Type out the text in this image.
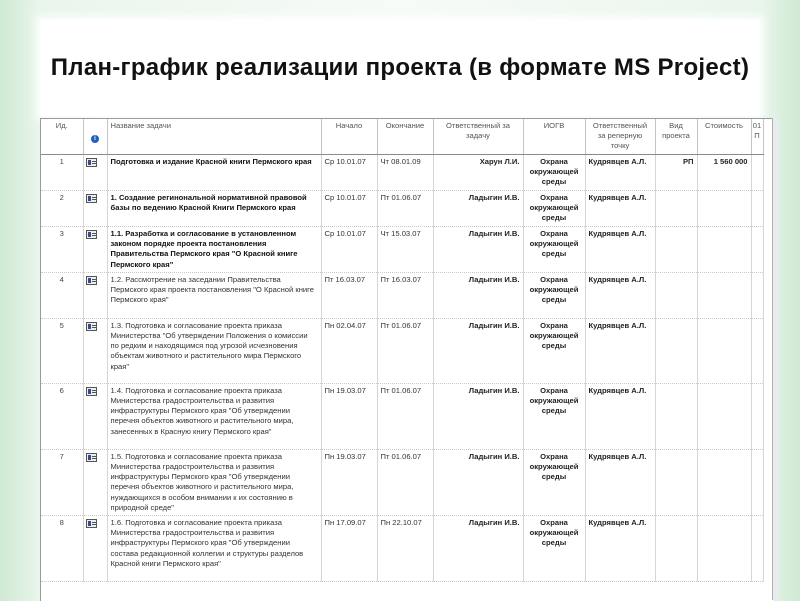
План-график реализации проекта (в формате MS Project)
Ид.	i	Название задачи	Начало	Окончание	Ответственный за задачу	ИОГВ	Ответственный за реперную точку	Вид проекта	Стоимость	01 П
1		Подготовка и издание Красной книги Пермского края	Ср 10.01.07	Чт 08.01.09	Харун Л.И.	Охрана окружающей среды	Кудрявцев А.Л.	РП	1 560 000	
2		1. Создание регинональной нормативной правовой базы по ведению Красной Книги Пермского края	Ср 10.01.07	Пт 01.06.07	Ладыгин И.В.	Охрана окружающей среды	Кудрявцев А.Л.			
3		1.1. Разработка и согласование в установленном законом порядке проекта постановления Правительства Пермского края "О Красной книге Пермского края"	Ср 10.01.07	Чт 15.03.07	Ладыгин И.В.	Охрана окружающей среды	Кудрявцев А.Л.			
4		1.2. Рассмотрение на заседании Правительства Пермского края проекта постановления "О Красной книге Пермского края"	Пт 16.03.07	Пт 16.03.07	Ладыгин И.В.	Охрана окружающей среды	Кудрявцев А.Л.			
5		1.3. Подготовка и согласование проекта приказа Министерства "Об утверждении Положения о комиссии по редким и находящимся под угрозой исчезновения объектам животного и растительного мира Пермского края"	Пн 02.04.07	Пт 01.06.07	Ладыгин И.В.	Охрана окружающей среды	Кудрявцев А.Л.			
6		1.4. Подготовка и согласование проекта приказа Министерства градостроительства и развития инфраструктуры Пермского края "Об утверждении перечня объектов животного и растительного мира, занесенных в Красную книгу Пермского края"	Пн 19.03.07	Пт 01.06.07	Ладыгин И.В.	Охрана окружающей среды	Кудрявцев А.Л.			
7		1.5. Подготовка и согласование проекта приказа Министерства градостроительства и развития инфраструктуры Пермского края "Об утверждении перечня объектов животного и растительного мира, нуждающихся в особом внимании к их состоянию в природной среде"	Пн 19.03.07	Пт 01.06.07	Ладыгин И.В.	Охрана окружающей среды	Кудрявцев А.Л.			
8		1.6. Подготовка и согласование проекта приказа Министерства градостроительства и развития инфраструктуры Пермского края "Об утверждении составa редакционной коллегии и структуры разделов Красной книги Пермского края"	Пн 17.09.07	Пн 22.10.07	Ладыгин И.В.	Охрана окружающей среды	Кудрявцев А.Л.			
